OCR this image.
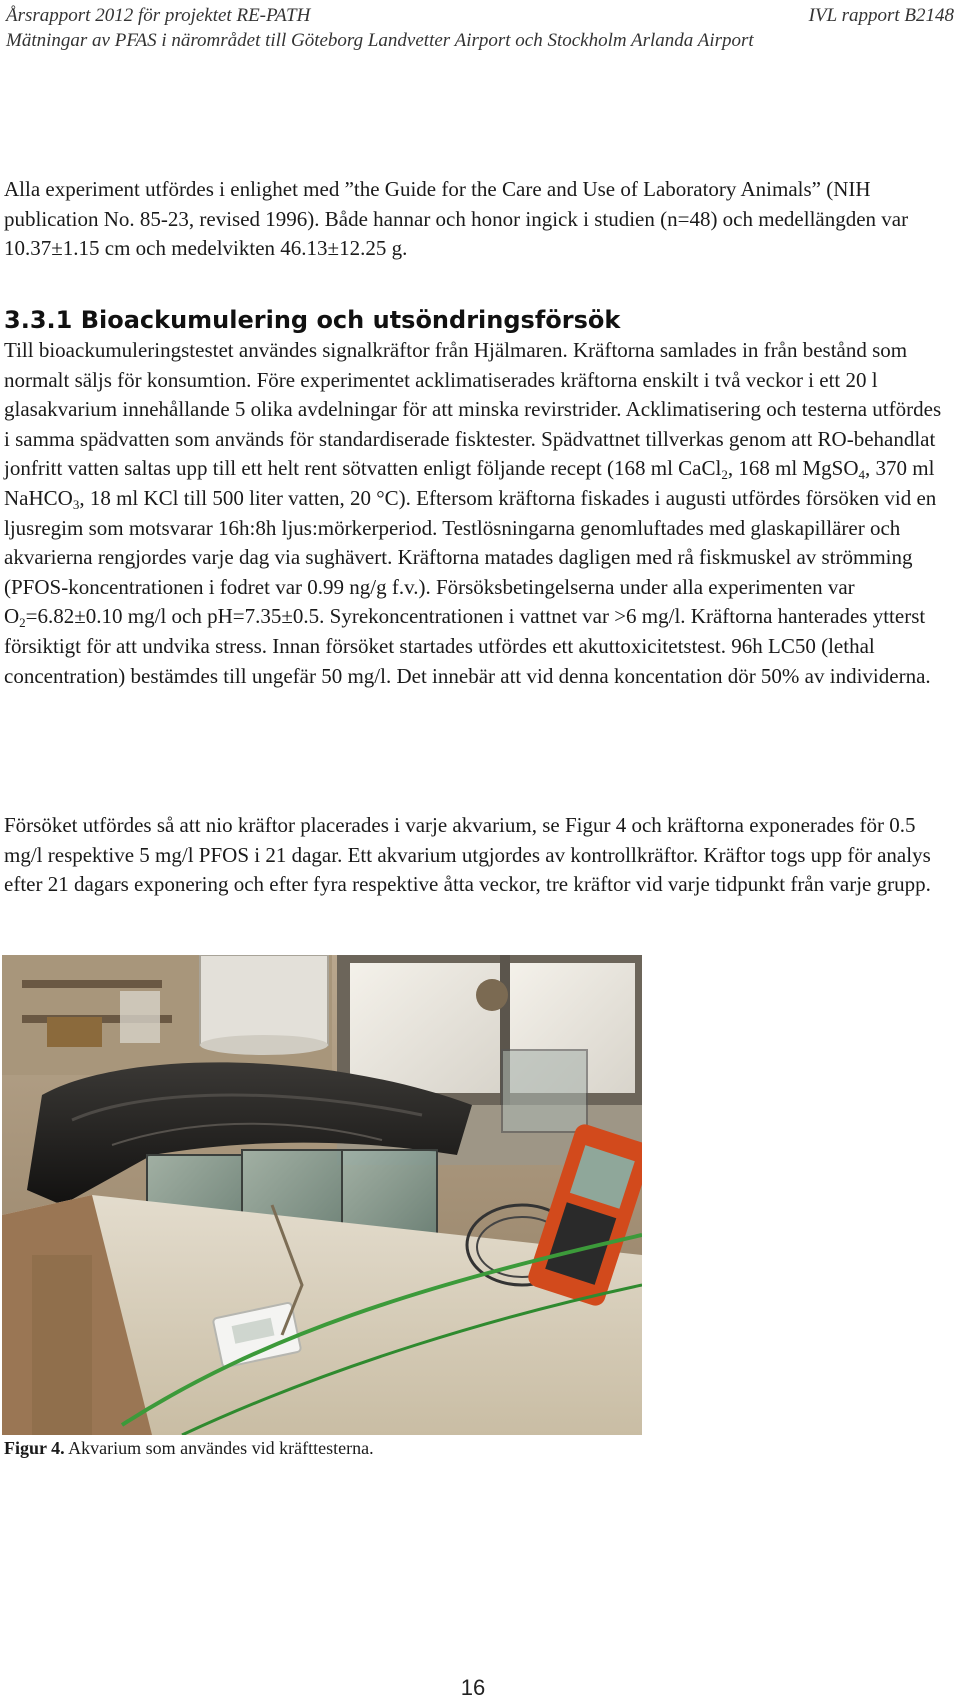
Årsrapport 2012 för projektet RE-PATH	IVL rapport B2148
Mätningar av PFAS i närområdet till Göteborg Landvetter Airport och Stockholm Arlanda Airport

Alla experiment utfördes i enlighet med ”the Guide for the Care and Use of Laboratory Animals” (NIH publication No. 85-23, revised 1996). Både hannar och honor ingick i studien (n=48) och medellängden var 10.37±1.15 cm och medelvikten 46.13±12.25 g.

3.3.1 Bioackumulering och utsöndringsförsök

Till bioackumuleringstestet användes signalkräftor från Hjälmaren. Kräftorna samlades in från bestånd som normalt säljs för konsumtion. Före experimentet acklimatiserades kräftorna enskilt i två veckor i ett 20 l glasakvarium innehållande 5 olika avdelningar för att minska revirstrider. Acklimatisering och testerna utfördes i samma spädvatten som används för standardiserade fisktester. Spädvattnet tillverkas genom att RO-behandlat jonfritt vatten saltas upp till ett helt rent sötvatten enligt följande recept (168 ml CaCl$_2$, 168 ml MgSO$_4$, 370 ml NaHCO$_3$, 18 ml KCl till 500 liter vatten, 20 °C). Eftersom kräftorna fiskades i augusti utfördes försöken vid en ljusregim som motsvarar 16h:8h ljus:mörkerperiod. Testlösningarna genomluftades med glaskapillärer och akvarierna rengjordes varje dag via sughävert. Kräftorna matades dagligen med rå fiskmuskel av strömming (PFOS-koncentrationen i fodret var 0.99 ng/g f.v.). Försöksbetingelserna under alla experimenten var $O_2=6.82\pm 0.10$ mg/l och pH=7.35±0.5. Syrekoncentrationen i vattnet var >6 mg/l. Kräftorna hanterades ytterst försiktigt för att undvika stress. Innan försöket startades utfördes ett akuttoxicitetstest. 96h LC50 (lethal concentration) bestämdes till ungefär 50 mg/l. Det innebär att vid denna koncentation dör 50% av individerna.

Försöket utfördes så att nio kräftor placerades i varje akvarium, se Figur 4 och kräftorna exponerades för 0.5 mg/l respektive 5 mg/l PFOS i 21 dagar. Ett akvarium utgjordes av kontrollkräftor. Kräftor togs upp för analys efter 21 dagars exponering och efter fyra respektive åtta veckor, tre kräftor vid varje tidpunkt från varje grupp.

Figur 4. Akvarium som användes vid kräfttesterna.
16
